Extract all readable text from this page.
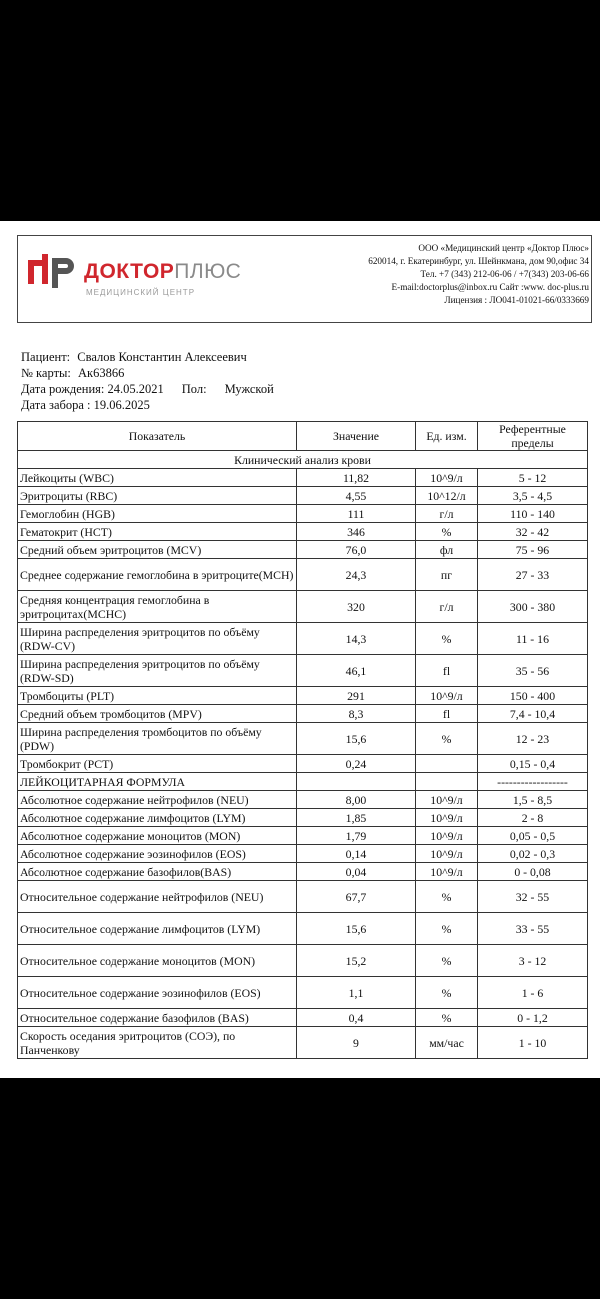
ДОКТОРПЛЮС
МЕДИЦИНСКИЙ ЦЕНТР
ООО «Медицинский центр «Доктор Плюс»
620014, г. Екатеринбург, ул. Шейнкмана, дом 90,офис 34
Тел. +7 (343) 212-06-06 / +7(343) 203-06-66
E-mail:doctorplus@inbox.ru Сайт :www. doc-plus.ru
Лицензия : ЛО041-01021-66/0333669
Пациент: Свалов Константин Алексеевич
№ карты: Ак63866
Дата рождения: 24.05.2021 Пол: Мужской
Дата забора : 19.06.2025
Показатель	Значение	Ед. изм.	Референтные пределы
Клинический анализ крови			
Лейкоциты (WBC)	11,82	10^9/л	5 - 12
Эритроциты (RBC)	4,55	10^12/л	3,5 - 4,5
Гемоглобин (HGB)	111	г/л	110 - 140
Гематокрит (HCT)	346	%	32 - 42
Средний объем эритроцитов (MCV)	76,0	фл	75 - 96
Среднее содержание гемоглобина в эритроците(MCH)	24,3	пг	27 - 33
Средняя концентрация гемоглобина в эритроцитах(MCHC)	320	г/л	300 - 380
Ширина распределения эритроцитов по объёму (RDW-CV)	14,3	%	11 - 16
Ширина распределения эритроцитов по объёму (RDW-SD)	46,1	fl	35 - 56
Тромбоциты (PLT)	291	10^9/л	150 - 400
Средний объем тромбоцитов (MPV)	8,3	fl	7,4 - 10,4
Ширина распределения тромбоцитов по объёму (PDW)	15,6	%	12 - 23
Тромбокрит (PCT)	0,24		0,15 - 0,4
ЛЕЙКОЦИТАРНАЯ ФОРМУЛА			------------------
Абсолютное содержание нейтрофилов (NEU)	8,00	10^9/л	1,5 - 8,5
Абсолютное содержание лимфоцитов (LYM)	1,85	10^9/л	2 - 8
Абсолютное содержание моноцитов (MON)	1,79	10^9/л	0,05 - 0,5
Абсолютное содержание эозинофилов (EOS)	0,14	10^9/л	0,02 - 0,3
Абсолютное содержание базофилов(BAS)	0,04	10^9/л	0 - 0,08
Относительное содержание нейтрофилов (NEU)	67,7	%	32 - 55
Относительное содержание лимфоцитов (LYM)	15,6	%	33 - 55
Относительное содержание моноцитов (MON)	15,2	%	3 - 12
Относительное содержание эозинофилов (EOS)	1,1	%	1 - 6
Относительное содержание базофилов (BAS)	0,4	%	0 - 1,2
Скорость оседания эритроцитов (СОЭ), по Панченкову	9	мм/час	1 - 10
